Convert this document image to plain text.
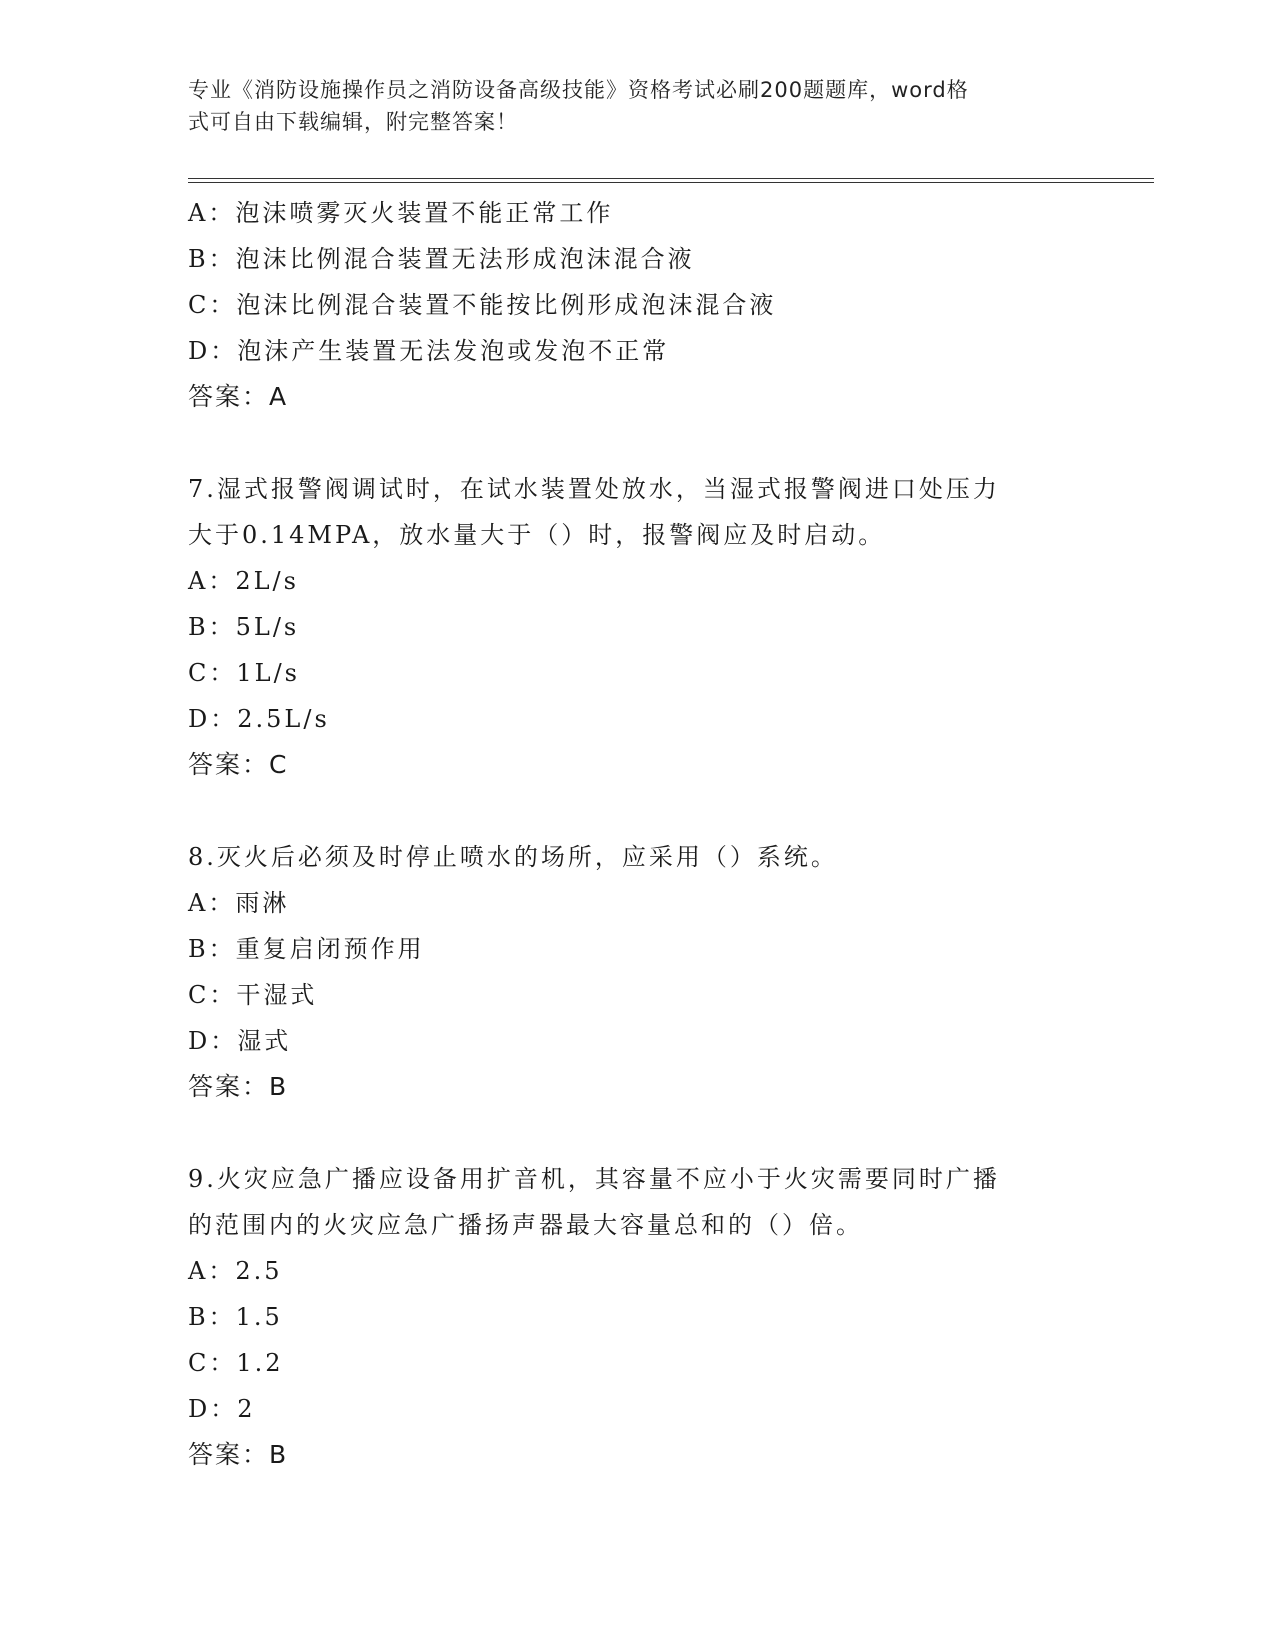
专业《消防设施操作员之消防设备高级技能》资格考试必刷200题题库，word格
式可自由下载编辑，附完整答案！
A：泡沫喷雾灭火装置不能正常工作
B：泡沫比例混合装置无法形成泡沫混合液
C：泡沫比例混合装置不能按比例形成泡沫混合液
D：泡沫产生装置无法发泡或发泡不正常
答案：A
7.湿式报警阀调试时，在试水装置处放水，当湿式报警阀进口处压力
大于0.14MPA，放水量大于（）时，报警阀应及时启动。
A：2L/s
B：5L/s
C：1L/s
D：2.5L/s
答案：C
8.灭火后必须及时停止喷水的场所，应采用（）系统。
A：雨淋
B：重复启闭预作用
C：干湿式
D：湿式
答案：B
9.火灾应急广播应设备用扩音机，其容量不应小于火灾需要同时广播
的范围内的火灾应急广播扬声器最大容量总和的（）倍。
A：2.5
B：1.5
C：1.2
D：2
答案：B
